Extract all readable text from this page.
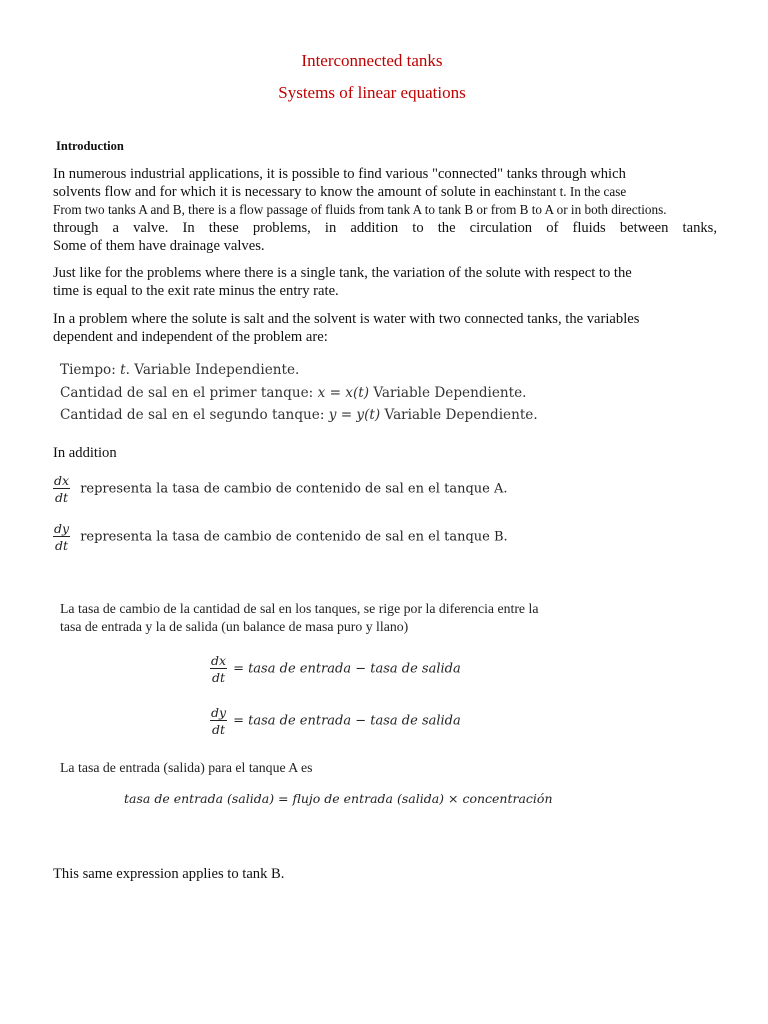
Interconnected tanks
Systems of linear equations
Introduction
In numerous industrial applications, it is possible to find various "connected" tanks through which
solvents flow and for which it is necessary to know the amount of solute in eachinstant t. In the case
From two tanks A and B, there is a flow passage of fluids from tank A to tank B or from B to A or in both directions.
through a valve. In these problems, in addition to the circulation of fluids between tanks,
Some of them have drainage valves.
Just like for the problems where there is a single tank, the variation of the solute with respect to the
time is equal to the exit rate minus the entry rate.
In a problem where the solute is salt and the solvent is water with two connected tanks, the variables
dependent and independent of the problem are:
Tiempo: t. Variable Independiente.
Cantidad de sal en el primer tanque: x = x(t) Variable Dependiente.
Cantidad de sal en el segundo tanque: y = y(t) Variable Dependiente.
In addition
$\frac{dx}{dt}$ representa la tasa de cambio de contenido de sal en el tanque A.
$\frac{dy}{dt}$ representa la tasa de cambio de contenido de sal en el tanque B.
La tasa de cambio de la cantidad de sal en los tanques, se rige por la diferencia entre la
tasa de entrada y la de salida (un balance de masa puro y llano)
$\frac{dx}{dt}$ = tasa de entrada − tasa de salida
$\frac{dy}{dt}$ = tasa de entrada − tasa de salida
La tasa de entrada (salida) para el tanque A es
tasa de entrada (salida) = flujo de entrada (salida) × concentración
This same expression applies to tank B.
